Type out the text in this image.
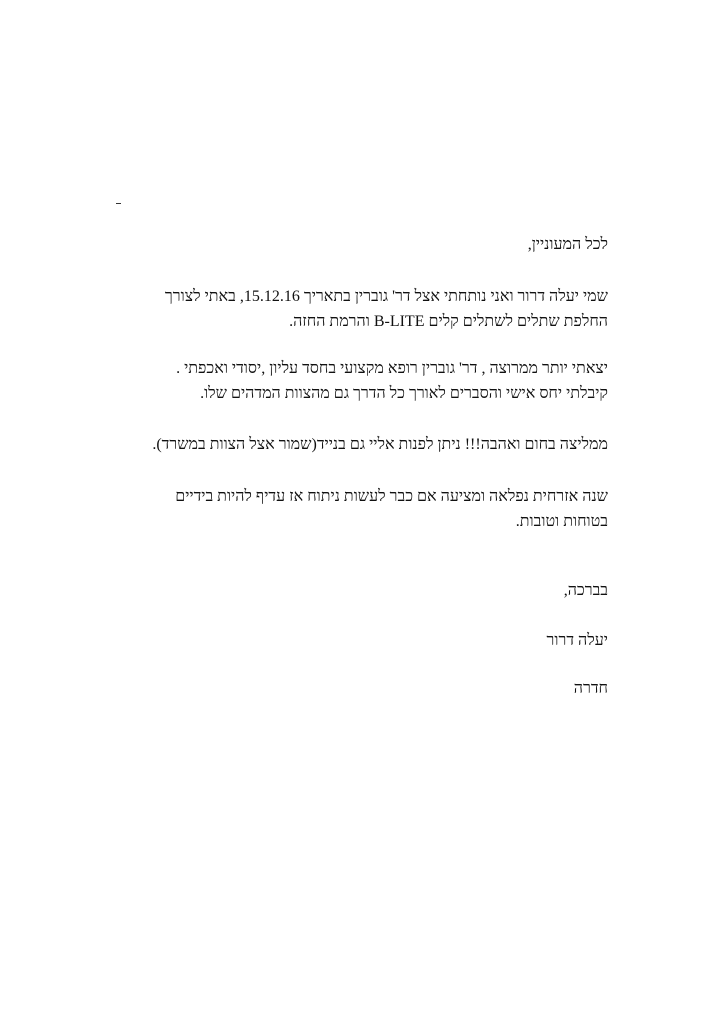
לכל המעוניין,
שמי יעלה דרור ואני נותחתי אצל דר' גוברין בתאריך 15.12.16, באתי לצורך
החלפת שתלים לשתלים קלים B-LITE והרמת החזה.
יצאתי יותר ממרוצה , דר' גוברין רופא מקצועי בחסד עליון ,יסודי ואכפתי .
קיבלתי יחס אישי והסברים לאורך כל הדרך גם מהצוות המדהים שלו.
ממליצה בחום ואהבה!!! ניתן לפנות אליי גם בנייד(שמור אצל הצוות במשרד).
שנה אזרחית נפלאה ומציעה אם כבר לעשות ניתוח אז עדיף להיות בידיים
בטוחות וטובות.
בברכה,
יעלה דרור
חדרה
